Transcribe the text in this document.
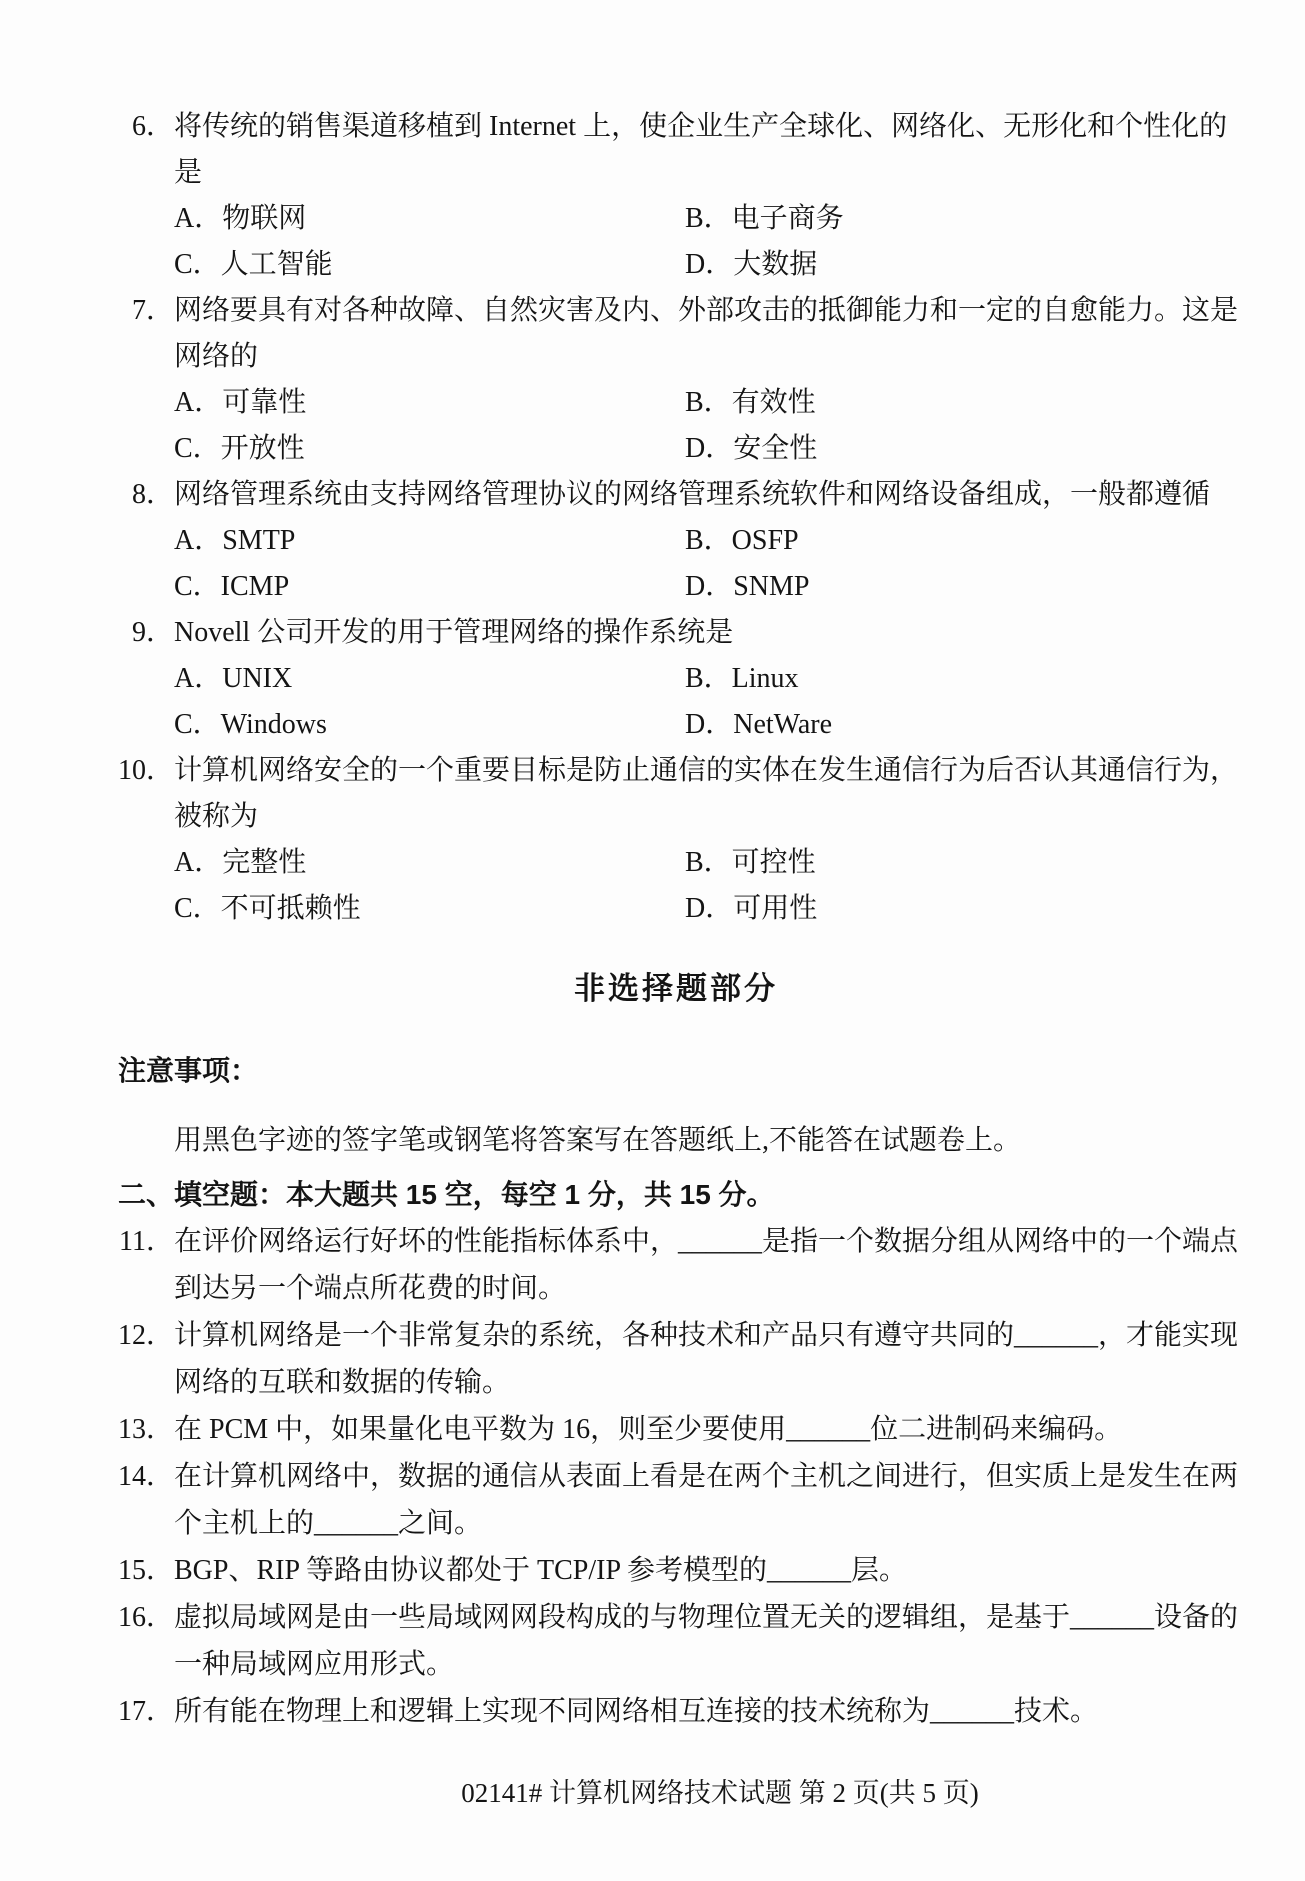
6． 将传统的销售渠道移植到 Internet 上，使企业生产全球化、网络化、无形化和个性化的是
A．物联网	B．电子商务
C．人工智能	D．大数据
7． 网络要具有对各种故障、自然灾害及内、外部攻击的抵御能力和一定的自愈能力。这是网络的
A．可靠性	B．有效性
C．开放性	D．安全性
8． 网络管理系统由支持网络管理协议的网络管理系统软件和网络设备组成，一般都遵循
A．SMTP	B．OSFP
C．ICMP	D．SNMP
9． Novell 公司开发的用于管理网络的操作系统是
A．UNIX	B．Linux
C．Windows	D．NetWare
10． 计算机网络安全的一个重要目标是防止通信的实体在发生通信行为后否认其通信行为，被称为
A．完整性	B．可控性
C．不可抵赖性	D．可用性
非选择题部分
注意事项：
用黑色字迹的签字笔或钢笔将答案写在答题纸上,不能答在试题卷上。
二、填空题：本大题共 15 空，每空 1 分，共 15 分。
11． 在评价网络运行好坏的性能指标体系中，______是指一个数据分组从网络中的一个端点到达另一个端点所花费的时间。
12． 计算机网络是一个非常复杂的系统，各种技术和产品只有遵守共同的______，才能实现网络的互联和数据的传输。
13． 在 PCM 中，如果量化电平数为 16，则至少要使用______位二进制码来编码。
14． 在计算机网络中，数据的通信从表面上看是在两个主机之间进行，但实质上是发生在两个主机上的______之间。
15． BGP、RIP 等路由协议都处于 TCP/IP 参考模型的______层。
16． 虚拟局域网是由一些局域网网段构成的与物理位置无关的逻辑组，是基于______设备的一种局域网应用形式。
17． 所有能在物理上和逻辑上实现不同网络相互连接的技术统称为______技术。
02141# 计算机网络技术试题 第 2 页(共 5 页)
